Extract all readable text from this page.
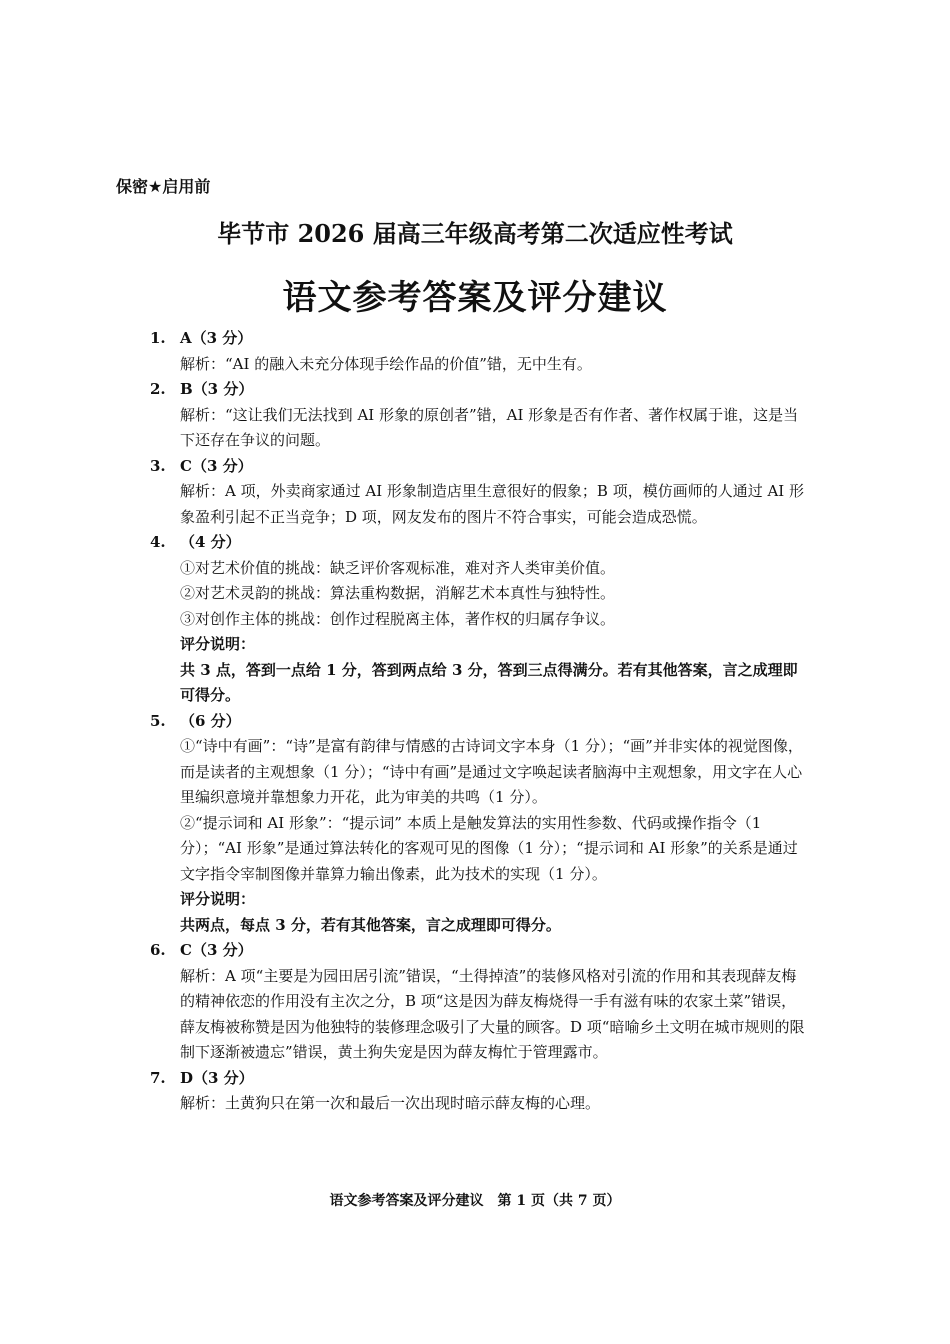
保密★启用前
毕节市 2026 届高三年级高考第二次适应性考试
语文参考答案及评分建议
1. A（3 分）
解析：“AI 的融入未充分体现手绘作品的价值”错，无中生有。
2. B（3 分）
解析：“这让我们无法找到 AI 形象的原创者”错，AI 形象是否有作者、著作权属于谁，这是当下还存在争议的问题。
3. C（3 分）
解析：A 项，外卖商家通过 AI 形象制造店里生意很好的假象；B 项，模仿画师的人通过 AI 形象盈利引起不正当竞争；D 项，网友发布的图片不符合事实，可能会造成恐慌。
4. （4 分）
①对艺术价值的挑战：缺乏评价客观标准，难对齐人类审美价值。
②对艺术灵韵的挑战：算法重构数据，消解艺术本真性与独特性。
③对创作主体的挑战：创作过程脱离主体，著作权的归属存争议。
评分说明：
共 3 点，答到一点给 1 分，答到两点给 3 分，答到三点得满分。若有其他答案，言之成理即可得分。
5. （6 分）
①“诗中有画”：“诗”是富有韵律与情感的古诗词文字本身（1 分）；“画”并非实体的视觉图像，而是读者的主观想象（1 分）；“诗中有画”是通过文字唤起读者脑海中主观想象，用文字在人心里编织意境并靠想象力开花，此为审美的共鸣（1 分）。
②“提示词和 AI 形象”：“提示词” 本质上是触发算法的实用性参数、代码或操作指令（1 分）；“AI 形象”是通过算法转化的客观可见的图像（1 分）；“提示词和 AI 形象”的关系是通过文字指令宰制图像并靠算力输出像素，此为技术的实现（1 分）。
评分说明：
共两点，每点 3 分，若有其他答案，言之成理即可得分。
6. C（3 分）
解析：A 项“主要是为园田居引流”错误，“土得掉渣”的装修风格对引流的作用和其表现薛友梅的精神依恋的作用没有主次之分，B 项“这是因为薛友梅烧得一手有滋有味的农家土菜”错误，薛友梅被称赞是因为他独特的装修理念吸引了大量的顾客。D 项“暗喻乡土文明在城市规则的限制下逐渐被遗忘”错误，黄土狗失宠是因为薛友梅忙于管理露市。
7. D（3 分）
解析：土黄狗只在第一次和最后一次出现时暗示薛友梅的心理。
语文参考答案及评分建议　第 1 页（共 7 页）
